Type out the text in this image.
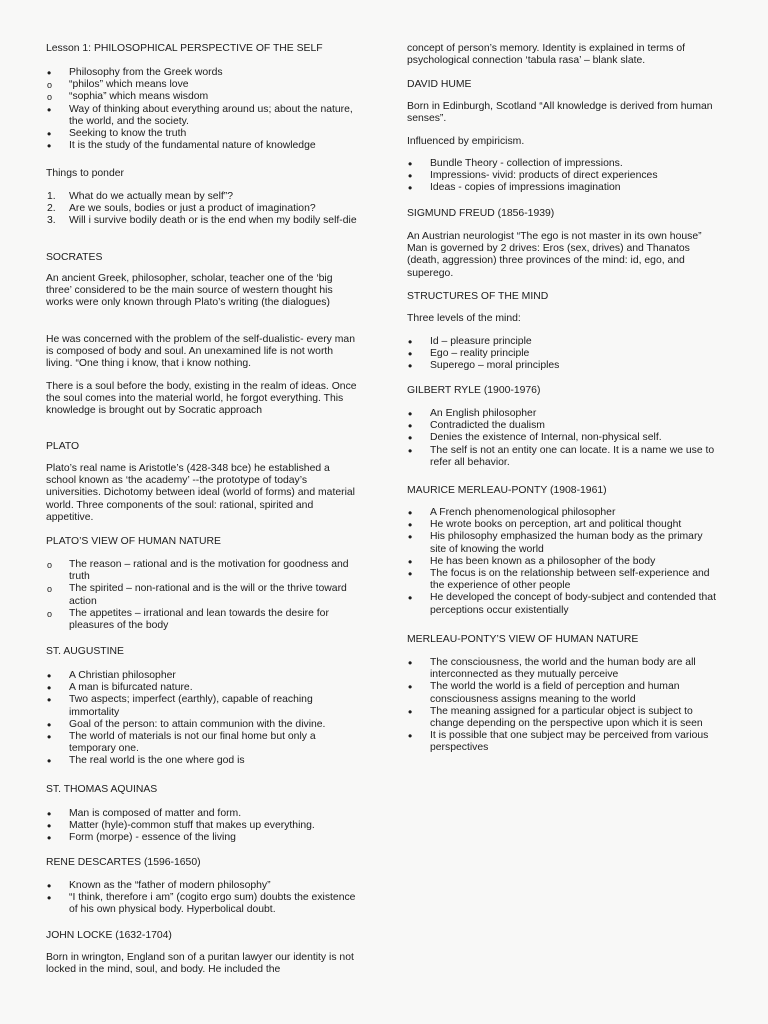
Lesson 1: PHILOSOPHICAL PERSPECTIVE OF THE SELF

• Philosophy from the Greek words
o “philos” which means love
o “sophia” which means wisdom
• Way of thinking about everything around us; about the nature, the world, and the society.
• Seeking to know the truth
• It is the study of the fundamental nature of knowledge

Things to ponder

1. What do we actually mean by self”?
2. Are we souls, bodies or just a product of imagination?
3. Will i survive bodily death or is the end when my bodily self-die

SOCRATES

An ancient Greek, philosopher, scholar, teacher one of the ‘big three’ considered to be the main source of western thought his works were only known through Plato’s writing (the dialogues)

He was concerned with the problem of the self-dualistic- every man is composed of body and soul. An unexamined life is not worth living. “One thing i know, that i know nothing.

There is a soul before the body, existing in the realm of ideas. Once the soul comes into the material world, he forgot everything. This knowledge is brought out by Socratic approach

PLATO

Plato’s real name is Aristotle’s (428-348 bce) he established a school known as ‘the academy’ --the prototype of today’s universities. Dichotomy between ideal (world of forms) and material world. Three components of the soul: rational, spirited and appetitive.

PLATO’S VIEW OF HUMAN NATURE

o The reason – rational and is the motivation for goodness and truth
o The spirited – non-rational and is the will or the thrive toward action
o The appetites – irrational and lean towards the desire for pleasures of the body

ST. AUGUSTINE

• A Christian philosopher
• A man is bifurcated nature.
• Two aspects; imperfect (earthly), capable of reaching immortality
• Goal of the person: to attain communion with the divine.
• The world of materials is not our final home but only a temporary one.
• The real world is the one where god is

ST. THOMAS AQUINAS

• Man is composed of matter and form.
• Matter (hyle)-common stuff that makes up everything.
• Form (morpe) - essence of the living

RENE DESCARTES (1596-1650)

• Known as the “father of modern philosophy”
• “I think, therefore i am” (cogito ergo sum) doubts the existence of his own physical body. Hyperbolical doubt.

JOHN LOCKE (1632-1704)

Born in wrington, England son of a puritan lawyer our identity is not locked in the mind, soul, and body. He included the

concept of person’s memory. Identity is explained in terms of psychological connection ‘tabula rasa’ – blank slate.

DAVID HUME

Born in Edinburgh, Scotland “All knowledge is derived from human senses”.

Influenced by empiricism.

• Bundle Theory - collection of impressions.
• Impressions- vivid: products of direct experiences
• Ideas - copies of impressions imagination

SIGMUND FREUD (1856-1939)

An Austrian neurologist “The ego is not master in its own house” Man is governed by 2 drives: Eros (sex, drives) and Thanatos (death, aggression) three provinces of the mind: id, ego, and superego.

STRUCTURES OF THE MIND

Three levels of the mind:

• Id – pleasure principle
• Ego – reality principle
• Superego – moral principles

GILBERT RYLE (1900-1976)

• An English philosopher
• Contradicted the dualism
• Denies the existence of Internal, non-physical self.
• The self is not an entity one can locate. It is a name we use to refer all behavior.

MAURICE MERLEAU-PONTY (1908-1961)

• A French phenomenological philosopher
• He wrote books on perception, art and political thought
• His philosophy emphasized the human body as the primary site of knowing the world
• He has been known as a philosopher of the body
• The focus is on the relationship between self-experience and the experience of other people
• He developed the concept of body-subject and contended that perceptions occur existentially

MERLEAU-PONTY’S VIEW OF HUMAN NATURE

• The consciousness, the world and the human body are all interconnected as they mutually perceive
• The world the world is a field of perception and human consciousness assigns meaning to the world
• The meaning assigned for a particular object is subject to change depending on the perspective upon which it is seen
• It is possible that one subject may be perceived from various perspectives
